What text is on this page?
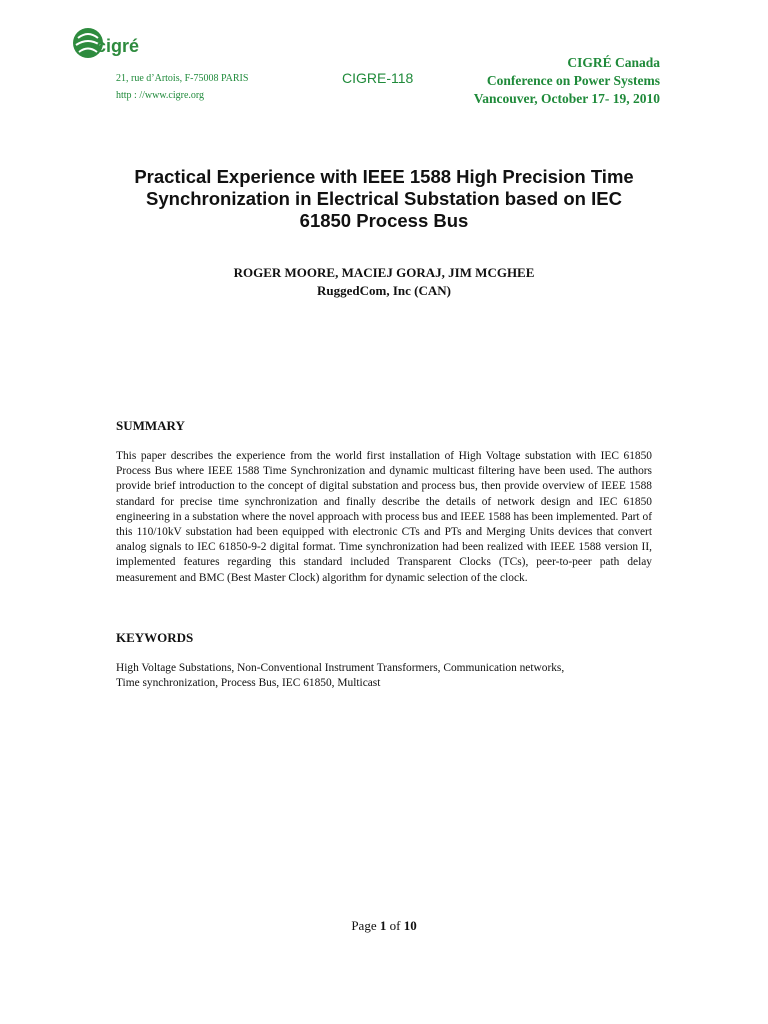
cigré
21, rue d’Artois, F-75008 PARIS
http : //www.cigre.org
CIGRE-118
CIGRÉ Canada
Conference on Power Systems
Vancouver, October 17- 19, 2010
Practical Experience with IEEE 1588 High Precision Time
Synchronization in Electrical Substation based on IEC
61850 Process Bus
ROGER MOORE, MACIEJ GORAJ, JIM MCGHEE
RuggedCom, Inc (CAN)
SUMMARY
This paper describes the experience from the world first installation of High Voltage substation with IEC 61850 Process Bus where IEEE 1588 Time Synchronization and dynamic multicast filtering have been used. The authors provide brief introduction to the concept of digital substation and process bus, then provide overview of IEEE 1588 standard for precise time synchronization and finally describe the details of network design and IEC 61850 engineering in a substation where the novel approach with process bus and IEEE 1588 has been implemented. Part of this 110/10kV substation had been equipped with electronic CTs and PTs and Merging Units devices that convert analog signals to IEC 61850-9-2 digital format. Time synchronization had been realized with IEEE 1588 version II, implemented features regarding this standard included Transparent Clocks (TCs), peer-to-peer path delay measurement and BMC (Best Master Clock) algorithm for dynamic selection of the clock.
KEYWORDS
High Voltage Substations, Non-Conventional Instrument Transformers, Communication networks,
Time synchronization, Process Bus, IEC 61850, Multicast
Page 1 of 10
